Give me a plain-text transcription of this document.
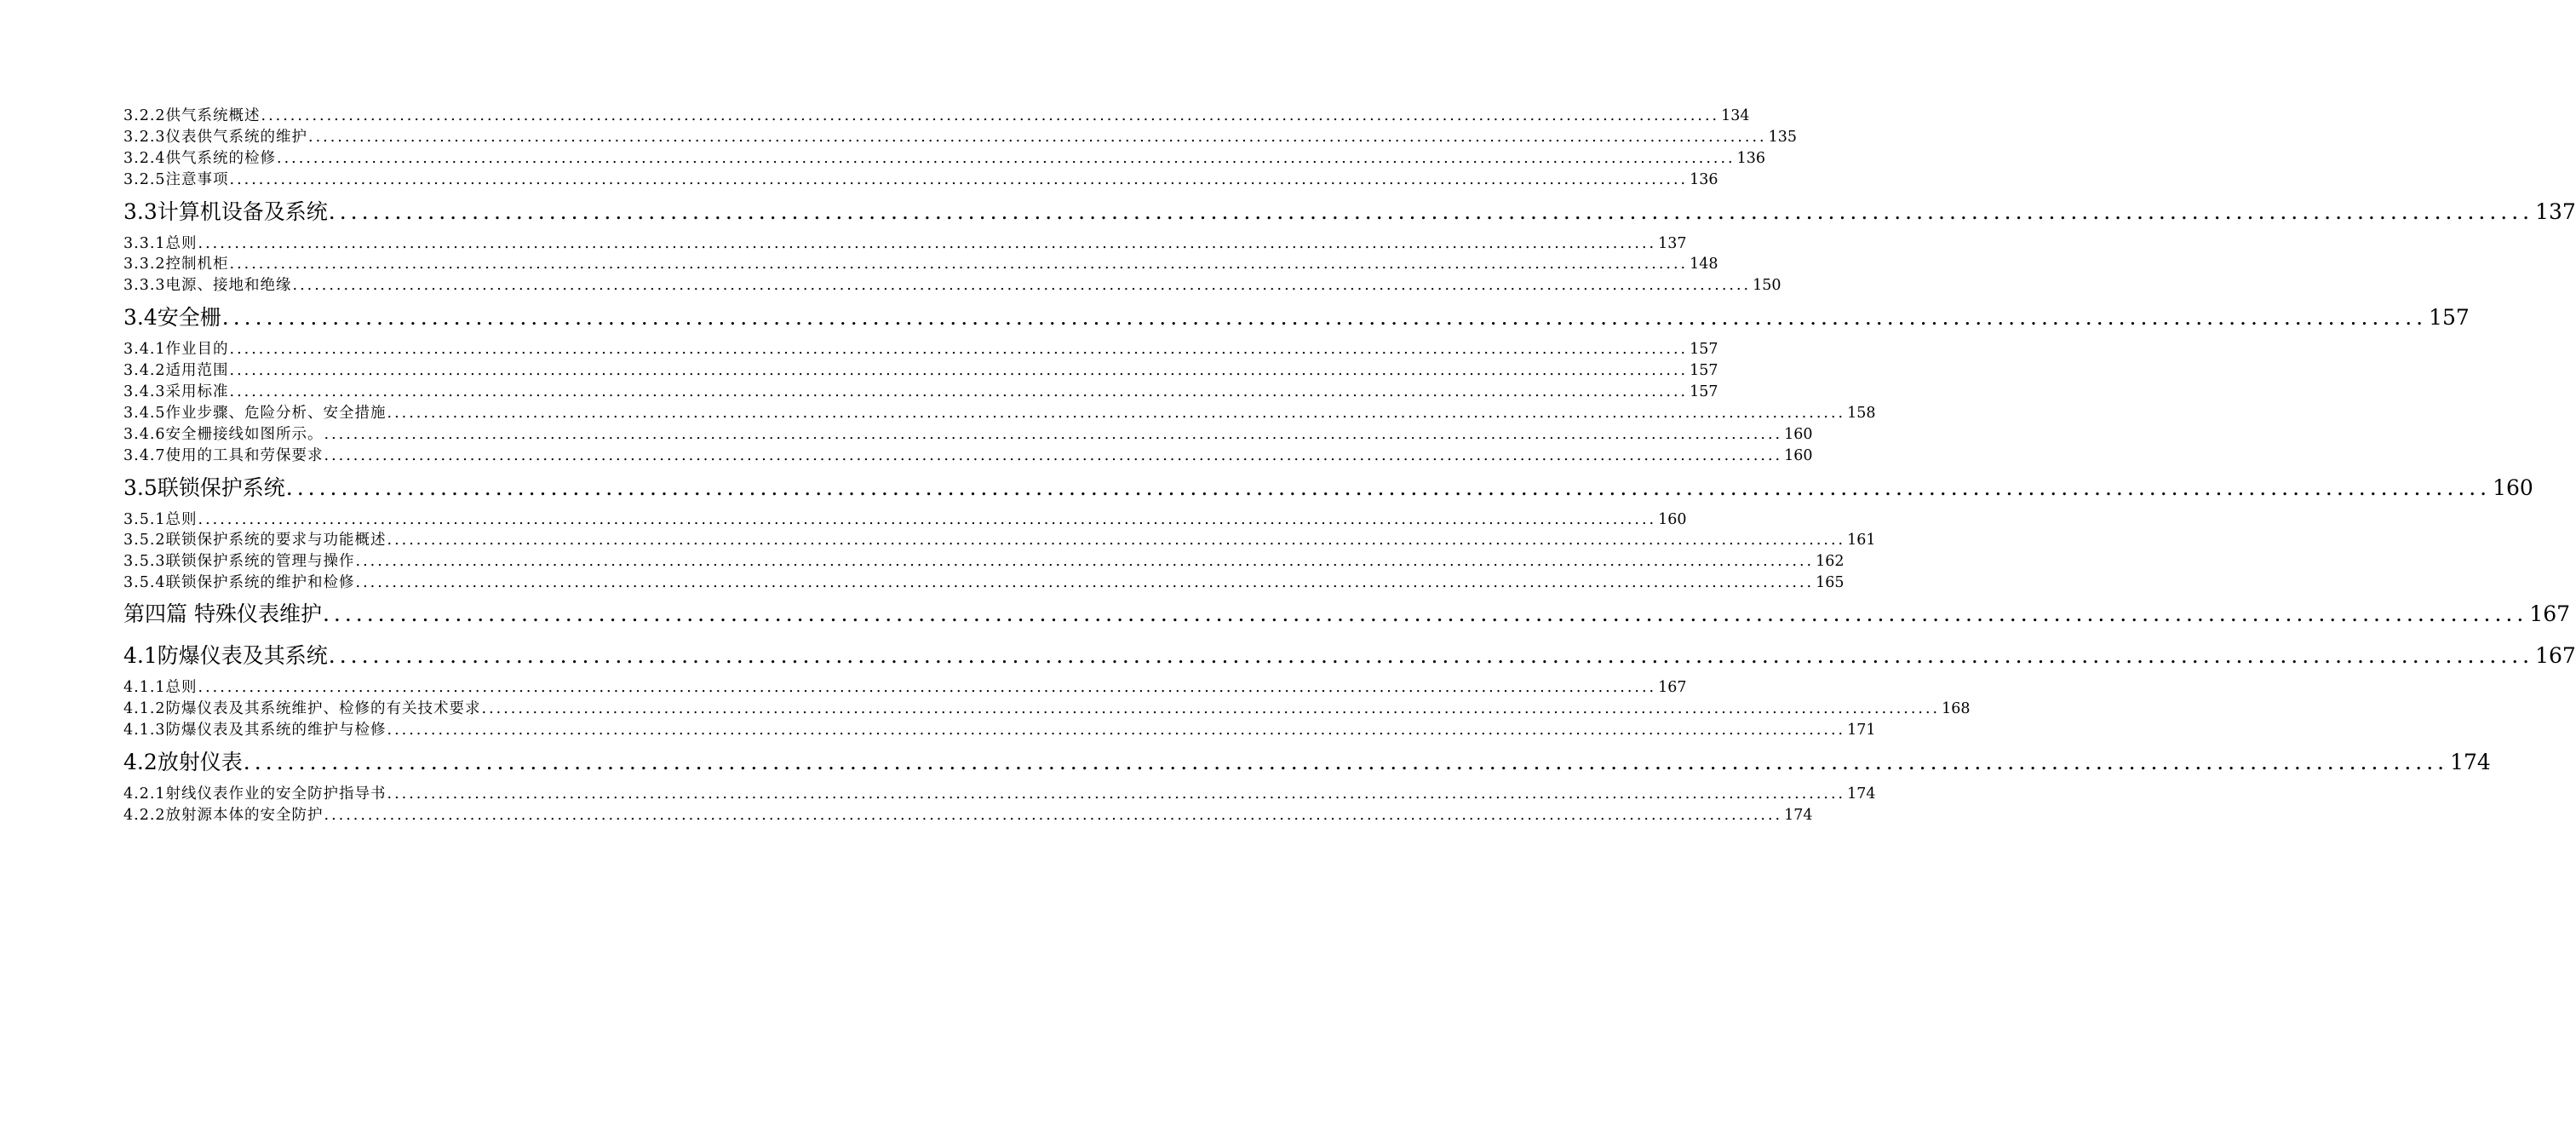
3.2.2供气系统概述 ........................................................................................................................................................................................................ 134
3.2.3仪表供气系统的维护 ........................................................................................................................................................................................................ 135
3.2.4供气系统的检修 ........................................................................................................................................................................................................ 136
3.2.5注意事项 ........................................................................................................................................................................................................ 136
3.3计算机设备及系统 ........................................................................................................................................................................................................ 137
3.3.1总则 ........................................................................................................................................................................................................ 137
3.3.2控制机柜 ........................................................................................................................................................................................................ 148
3.3.3电源、接地和绝缘 ........................................................................................................................................................................................................ 150
3.4安全栅 ........................................................................................................................................................................................................ 157
3.4.1作业目的 ........................................................................................................................................................................................................ 157
3.4.2适用范围 ........................................................................................................................................................................................................ 157
3.4.3采用标准 ........................................................................................................................................................................................................ 157
3.4.5作业步骤、危险分析、安全措施 ........................................................................................................................................................................................................ 158
3.4.6安全栅接线如图所示。 ........................................................................................................................................................................................................ 160
3.4.7使用的工具和劳保要求 ........................................................................................................................................................................................................ 160
3.5联锁保护系统 ........................................................................................................................................................................................................ 160
3.5.1总则 ........................................................................................................................................................................................................ 160
3.5.2联锁保护系统的要求与功能概述 ........................................................................................................................................................................................................ 161
3.5.3联锁保护系统的管理与操作 ........................................................................................................................................................................................................ 162
3.5.4联锁保护系统的维护和检修 ........................................................................................................................................................................................................ 165
第四篇 特殊仪表维护 ........................................................................................................................................................................................................ 167
4.1防爆仪表及其系统 ........................................................................................................................................................................................................ 167
4.1.1总则 ........................................................................................................................................................................................................ 167
4.1.2防爆仪表及其系统维护、检修的有关技术要求 ........................................................................................................................................................................................................ 168
4.1.3防爆仪表及其系统的维护与检修 ........................................................................................................................................................................................................ 171
4.2放射仪表 ........................................................................................................................................................................................................ 174
4.2.1射线仪表作业的安全防护指导书 ........................................................................................................................................................................................................ 174
4.2.2放射源本体的安全防护 ........................................................................................................................................................................................................ 174
